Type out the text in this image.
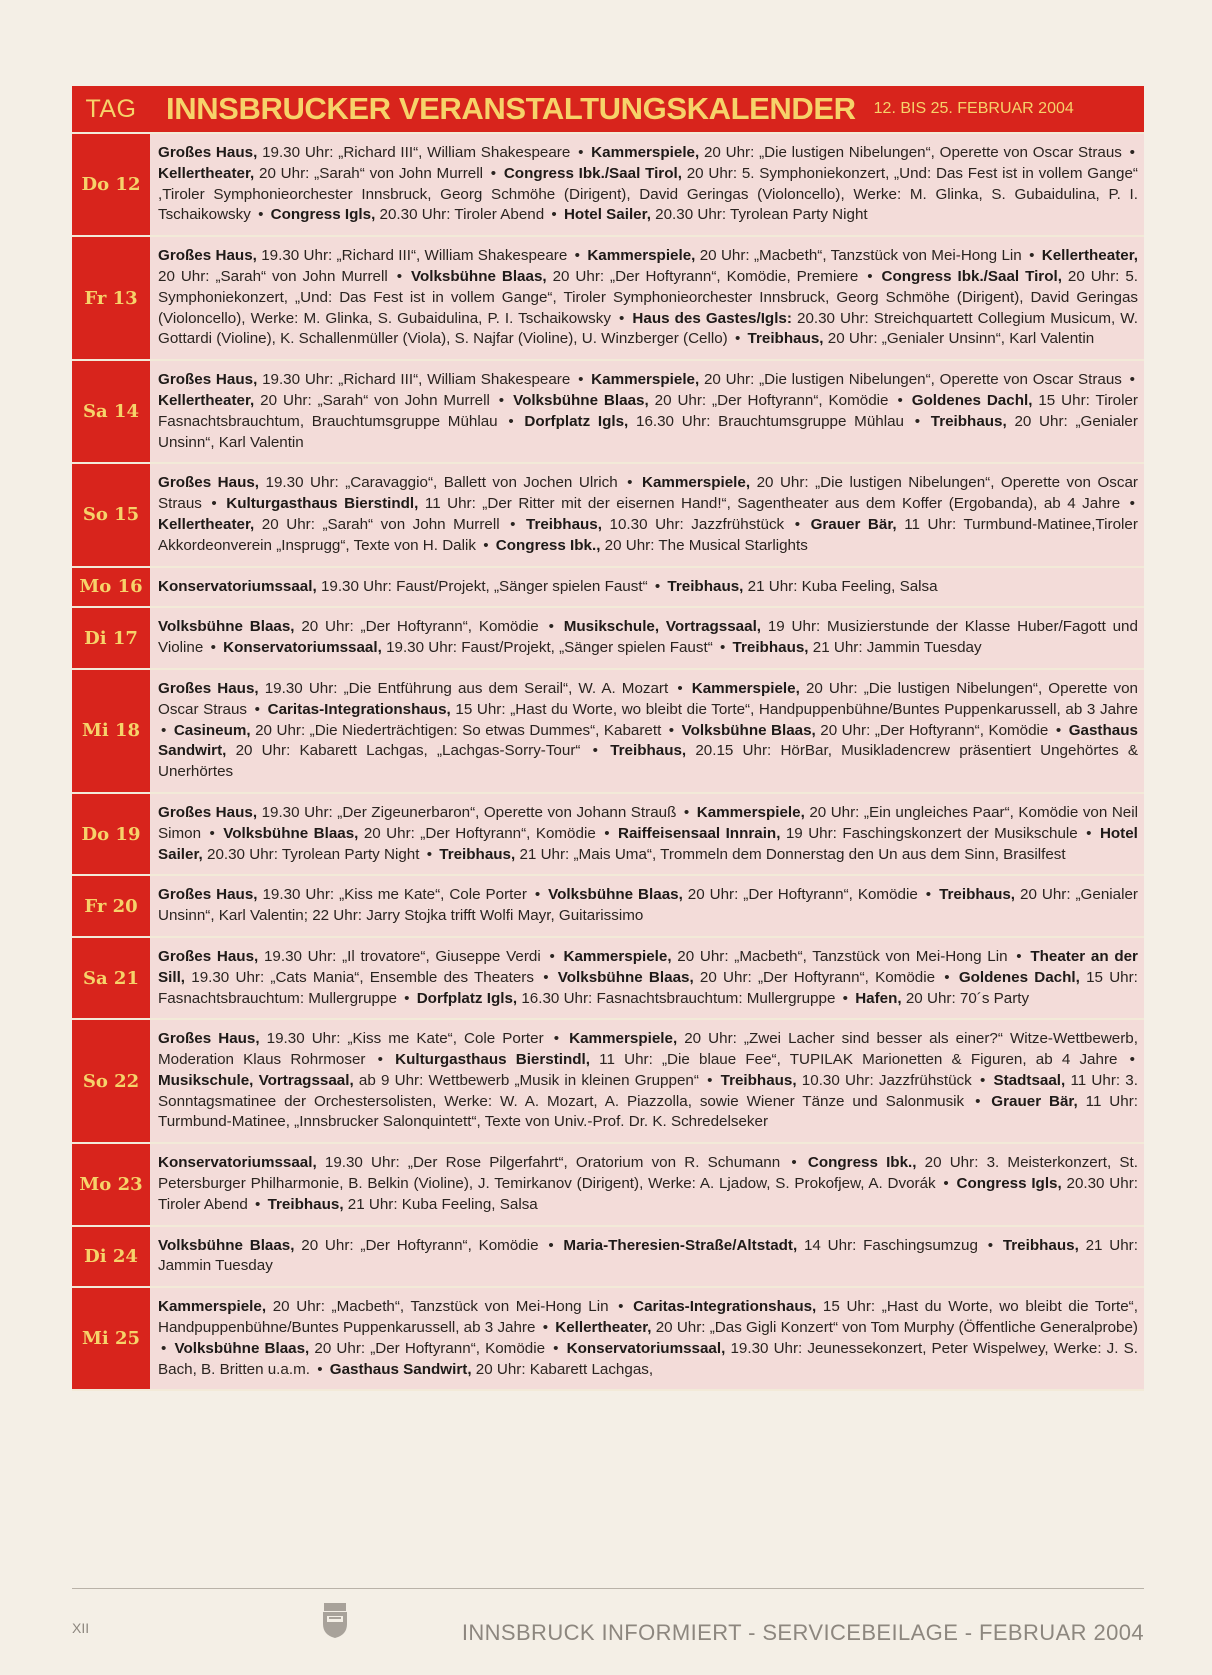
TAG INNSBRUCKER VERANSTALTUNGSKALENDER 12. BIS 25. FEBRUAR 2004
Do 12
Großes Haus, 19.30 Uhr: „Richard III“, William Shakespeare • Kammerspiele, 20 Uhr: „Die lustigen Nibelungen“, Operette von Oscar Straus • Kellertheater, 20 Uhr: „Sarah“ von John Murrell • Congress Ibk./Saal Tirol, 20 Uhr: 5. Symphoniekonzert, „Und: Das Fest ist in vollem Gange“ ,Tiroler Symphonieorchester Innsbruck, Georg Schmöhe (Dirigent), David Geringas (Violoncello), Werke: M. Glinka, S. Gubaidulina, P. I. Tschaikowsky • Congress Igls, 20.30 Uhr: Tiroler Abend • Hotel Sailer, 20.30 Uhr: Tyrolean Party Night
Fr 13
Großes Haus, 19.30 Uhr: „Richard III“, William Shakespeare • Kammerspiele, 20 Uhr: „Macbeth“, Tanzstück von Mei-Hong Lin • Kellertheater, 20 Uhr: „Sarah“ von John Murrell • Volksbühne Blaas, 20 Uhr: „Der Hoftyrann“, Komödie, Premiere • Congress Ibk./Saal Tirol, 20 Uhr: 5. Symphoniekonzert, „Und: Das Fest ist in vollem Gange“, Tiroler Symphonieorchester Innsbruck, Georg Schmöhe (Dirigent), David Geringas (Violoncello), Werke: M. Glinka, S. Gubaidulina, P. I. Tschaikowsky • Haus des Gastes/Igls: 20.30 Uhr: Streichquartett Collegium Musicum, W. Gottardi (Violine), K. Schallenmüller (Viola), S. Najfar (Violine), U. Winzberger (Cello) • Treibhaus, 20 Uhr: „Genialer Unsinn“, Karl Valentin
Sa 14
Großes Haus, 19.30 Uhr: „Richard III“, William Shakespeare • Kammerspiele, 20 Uhr: „Die lustigen Nibelungen“, Operette von Oscar Straus • Kellertheater, 20 Uhr: „Sarah“ von John Murrell • Volksbühne Blaas, 20 Uhr: „Der Hoftyrann“, Komödie • Goldenes Dachl, 15 Uhr: Tiroler Fasnachtsbrauchtum, Brauchtumsgruppe Mühlau • Dorfplatz Igls, 16.30 Uhr: Brauchtumsgruppe Mühlau • Treibhaus, 20 Uhr: „Genialer Unsinn“, Karl Valentin
So 15
Großes Haus, 19.30 Uhr: „Caravaggio“, Ballett von Jochen Ulrich • Kammerspiele, 20 Uhr: „Die lustigen Nibelungen“, Operette von Oscar Straus • Kulturgasthaus Bierstindl, 11 Uhr: „Der Ritter mit der eisernen Hand!“, Sagentheater aus dem Koffer (Ergobanda), ab 4 Jahre • Kellertheater, 20 Uhr: „Sarah“ von John Murrell • Treibhaus, 10.30 Uhr: Jazzfrühstück • Grauer Bär, 11 Uhr: Turmbund-Matinee,Tiroler Akkordeonverein „Insprugg“, Texte von H. Dalik • Congress Ibk., 20 Uhr: The Musical Starlights
Mo 16	Konservatoriumssaal, 19.30 Uhr: Faust/Projekt, „Sänger spielen Faust“ • Treibhaus, 21 Uhr: Kuba Feeling, Salsa
Di 17
Volksbühne Blaas, 20 Uhr: „Der Hoftyrann“, Komödie • Musikschule, Vortragssaal, 19 Uhr: Musizierstunde der Klasse Huber/Fagott und Violine • Konservatoriumssaal, 19.30 Uhr: Faust/Projekt, „Sänger spielen Faust“ • Treibhaus, 21 Uhr: Jammin Tuesday
Mi 18
Großes Haus, 19.30 Uhr: „Die Entführung aus dem Serail“, W. A. Mozart • Kammerspiele, 20 Uhr: „Die lustigen Nibelungen“, Operette von Oscar Straus • Caritas-Integrationshaus, 15 Uhr: „Hast du Worte, wo bleibt die Torte“, Handpuppenbühne/Buntes Puppenkarussell, ab 3 Jahre • Casineum, 20 Uhr: „Die Niederträchtigen: So etwas Dummes“, Kabarett • Volksbühne Blaas, 20 Uhr: „Der Hoftyrann“, Komödie • Gasthaus Sandwirt, 20 Uhr: Kabarett Lachgas, „Lachgas-Sorry-Tour“ • Treibhaus, 20.15 Uhr: HörBar, Musikladencrew präsentiert Ungehörtes & Unerhörtes
Do 19
Großes Haus, 19.30 Uhr: „Der Zigeunerbaron“, Operette von Johann Strauß • Kammerspiele, 20 Uhr: „Ein ungleiches Paar“, Komödie von Neil Simon • Volksbühne Blaas, 20 Uhr: „Der Hoftyrann“, Komödie • Raiffeisensaal Innrain, 19 Uhr: Faschingskonzert der Musikschule • Hotel Sailer, 20.30 Uhr: Tyrolean Party Night • Treibhaus, 21 Uhr: „Mais Uma“, Trommeln dem Donnerstag den Un aus dem Sinn, Brasilfest
Fr 20
Großes Haus, 19.30 Uhr: „Kiss me Kate“, Cole Porter • Volksbühne Blaas, 20 Uhr: „Der Hoftyrann“, Komödie • Treibhaus, 20 Uhr: „Genialer Unsinn“, Karl Valentin; 22 Uhr: Jarry Stojka trifft Wolfi Mayr, Guitarissimo
Sa 21
Großes Haus, 19.30 Uhr: „Il trovatore“, Giuseppe Verdi • Kammerspiele, 20 Uhr: „Macbeth“, Tanzstück von Mei-Hong Lin • Theater an der Sill, 19.30 Uhr: „Cats Mania“, Ensemble des Theaters • Volksbühne Blaas, 20 Uhr: „Der Hoftyrann“, Komödie • Goldenes Dachl, 15 Uhr: Fasnachtsbrauchtum: Mullergruppe • Dorfplatz Igls, 16.30 Uhr: Fasnachtsbrauchtum: Mullergruppe • Hafen, 20 Uhr: 70´s Party
So 22
Großes Haus, 19.30 Uhr: „Kiss me Kate“, Cole Porter • Kammerspiele, 20 Uhr: „Zwei Lacher sind besser als einer?“ Witze-Wettbewerb, Moderation Klaus Rohrmoser • Kulturgasthaus Bierstindl, 11 Uhr: „Die blaue Fee“, TUPILAK Marionetten & Figuren, ab 4 Jahre • Musikschule, Vortragssaal, ab 9 Uhr: Wettbewerb „Musik in kleinen Gruppen“ • Treibhaus, 10.30 Uhr: Jazzfrühstück • Stadtsaal, 11 Uhr: 3. Sonntagsmatinee der Orchestersolisten, Werke: W. A. Mozart, A. Piazzolla, sowie Wiener Tänze und Salonmusik • Grauer Bär, 11 Uhr: Turmbund-Matinee, „Innsbrucker Salonquintett“, Texte von Univ.-Prof. Dr. K. Schredelseker
Mo 23
Konservatoriumssaal, 19.30 Uhr: „Der Rose Pilgerfahrt“, Oratorium von R. Schumann • Congress Ibk., 20 Uhr: 3. Meisterkonzert, St. Petersburger Philharmonie, B. Belkin (Violine), J. Temirkanov (Dirigent), Werke: A. Ljadow, S. Prokofjew, A. Dvorák • Congress Igls, 20.30 Uhr: Tiroler Abend • Treibhaus, 21 Uhr: Kuba Feeling, Salsa
Di 24
Volksbühne Blaas, 20 Uhr: „Der Hoftyrann“, Komödie • Maria-Theresien-Straße/Altstadt, 14 Uhr: Faschingsumzug • Treibhaus, 21 Uhr: Jammin Tuesday
Mi 25
Kammerspiele, 20 Uhr: „Macbeth“, Tanzstück von Mei-Hong Lin • Caritas-Integrationshaus, 15 Uhr: „Hast du Worte, wo bleibt die Torte“, Handpuppenbühne/Buntes Puppenkarussell, ab 3 Jahre • Kellertheater, 20 Uhr: „Das Gigli Konzert“ von Tom Murphy (Öffentliche Generalprobe) • Volksbühne Blaas, 20 Uhr: „Der Hoftyrann“, Komödie • Konservatoriumssaal, 19.30 Uhr: Jeunessekonzert, Peter Wispelwey, Werke: J. S. Bach, B. Britten u.a.m. • Gasthaus Sandwirt, 20 Uhr: Kabarett Lachgas,
XII	INNSBRUCK INFORMIERT - SERVICEBEILAGE - FEBRUAR 2004
